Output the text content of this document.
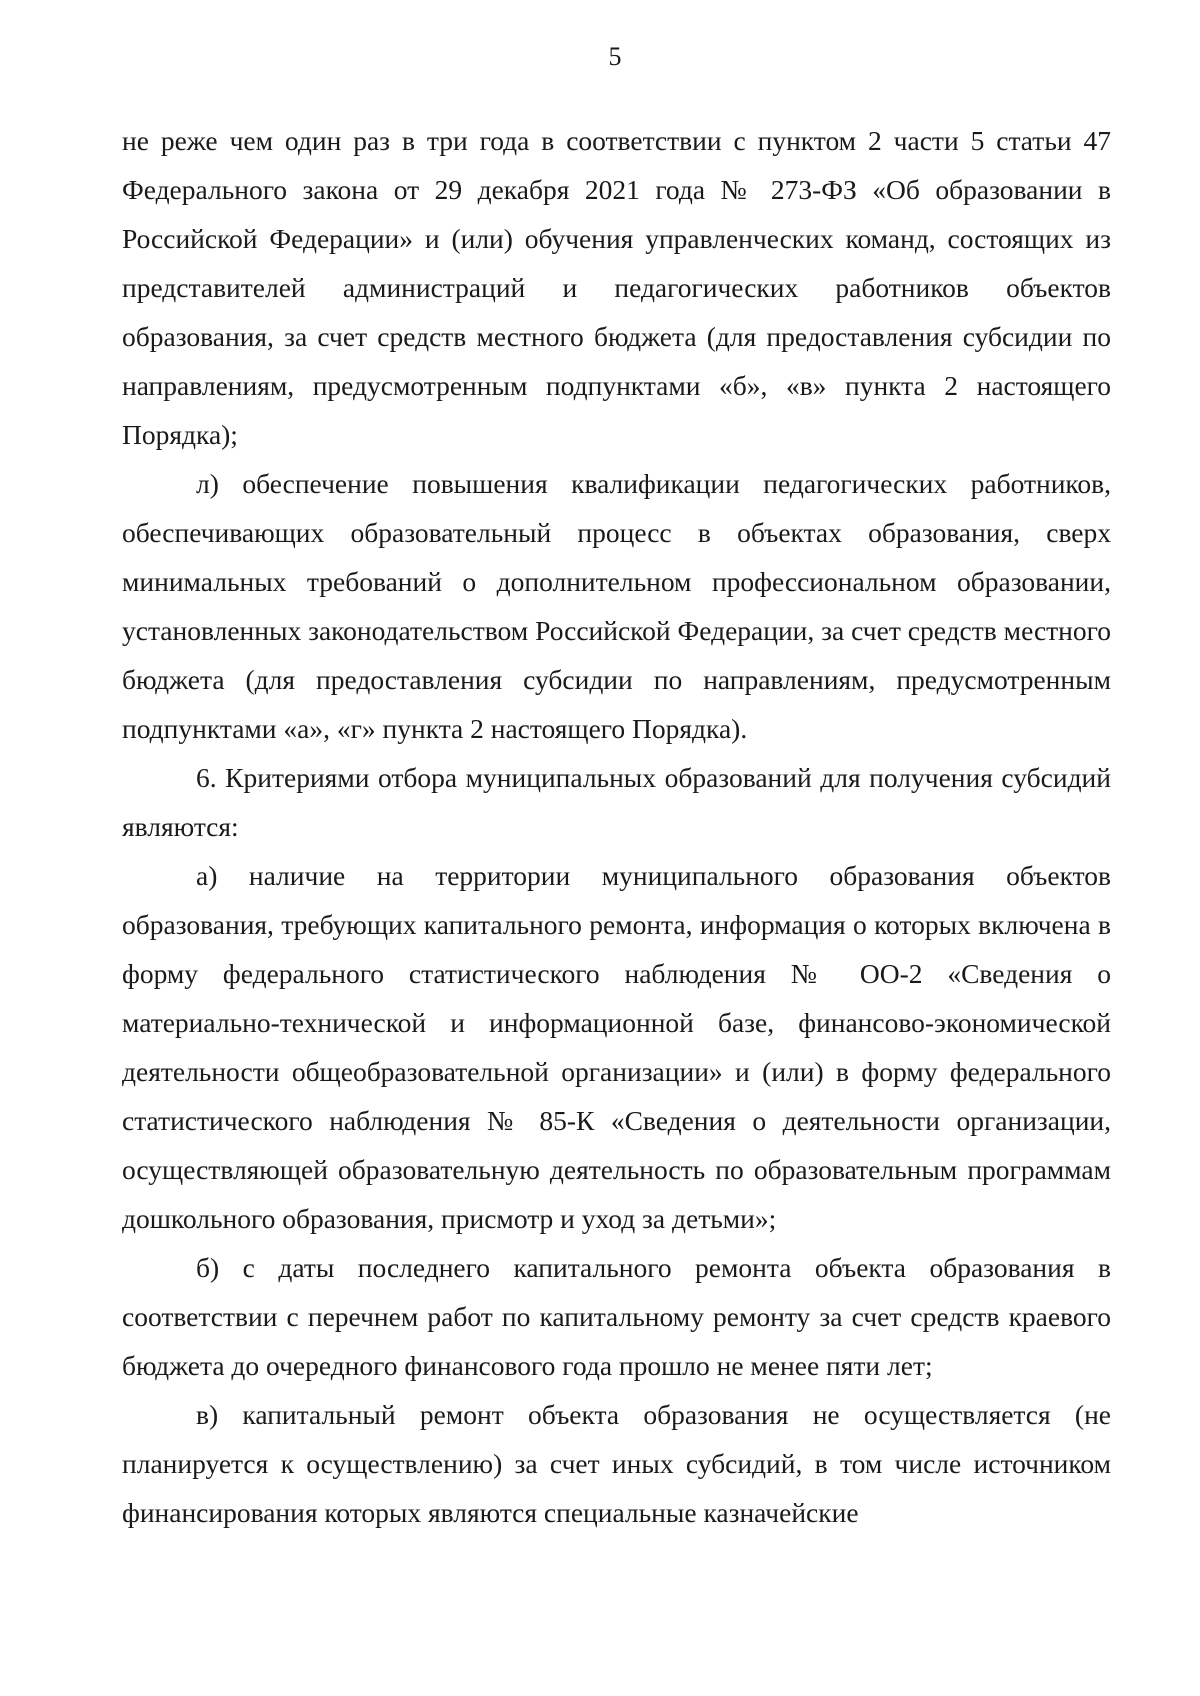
5

не реже чем один раз в три года в соответствии с пунктом 2 части 5 статьи 47 Федерального закона от 29 декабря 2021 года № 273-ФЗ «Об образовании в Российской Федерации» и (или) обучения управленческих команд, состоящих из представителей администраций и педагогических работников объектов образования, за счет средств местного бюджета (для предоставления субсидии по направлениям, предусмотренным подпунктами «б», «в» пункта 2 настоящего Порядка);

л) обеспечение повышения квалификации педагогических работников, обеспечивающих образовательный процесс в объектах образования, сверх минимальных требований о дополнительном профессиональном образовании, установленных законодательством Российской Федерации, за счет средств местного бюджета (для предоставления субсидии по направлениям, предусмотренным подпунктами «а», «г» пункта 2 настоящего Порядка).

6. Критериями отбора муниципальных образований для получения субсидий являются:

а) наличие на территории муниципального образования объектов образования, требующих капитального ремонта, информация о которых включена в форму федерального статистического наблюдения № ОО-2 «Сведения о материально-технической и информационной базе, финансово-экономической деятельности общеобразовательной организации» и (или) в форму федерального статистического наблюдения № 85-К «Сведения о деятельности организации, осуществляющей образовательную деятельность по образовательным программам дошкольного образования, присмотр и уход за детьми»;

б) с даты последнего капитального ремонта объекта образования в соответствии с перечнем работ по капитальному ремонту за счет средств краевого бюджета до очередного финансового года прошло не менее пяти лет;

в) капитальный ремонт объекта образования не осуществляется (не планируется к осуществлению) за счет иных субсидий, в том числе источником финансирования которых являются специальные казначейские
